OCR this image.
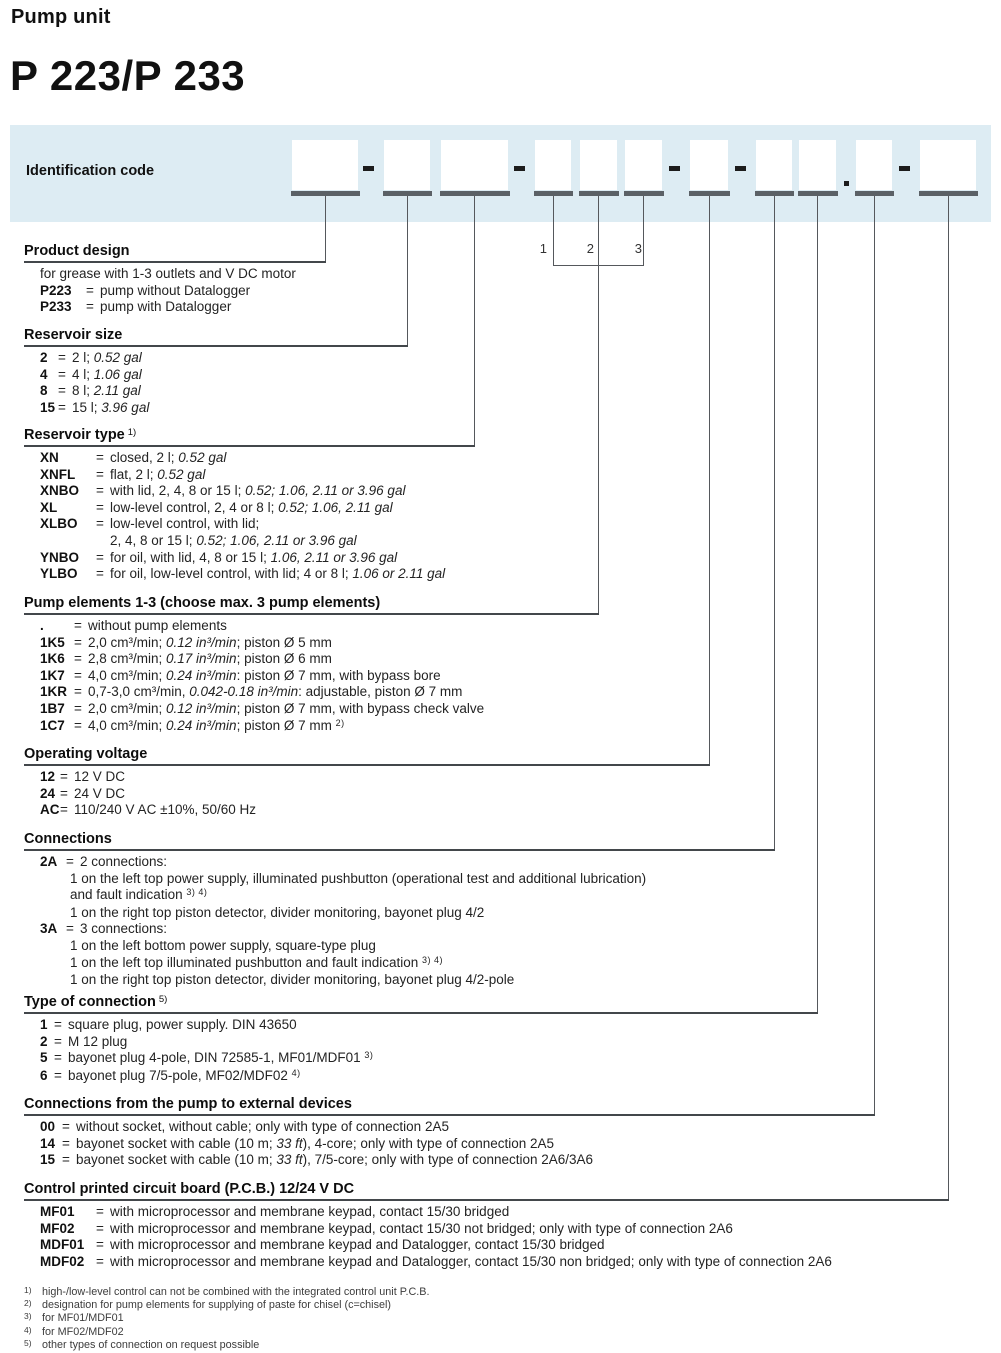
Pump unit
P 223/P 233
Identification code
1	2	3
Product design
for grease with 1-3 outlets and V DC motor
P223	= pump without Datalogger
P233	= pump with Datalogger
Reservoir size
2 = 2 l; 0.52 gal
4 = 4 l; 1.06 gal
8 = 8 l; 2.11 gal
15 = 15 l; 3.96 gal
Reservoir type $^{1)}$
XN	= closed, 2 l; 0.52 gal
XNFL	= flat, 2 l; 0.52 gal
XNBO	= with lid, 2, 4, 8 or 15 l; 0.52; 1.06, 2.11 or 3.96 gal
XL	= low-level control, 2, 4 or 8 l; 0.52; 1.06, 2.11 gal
XLBO	= low-level control, with lid;
2, 4, 8 or 15 l; 0.52; 1.06, 2.11 or 3.96 gal
YNBO	= for oil, with lid, 4, 8 or 15 l; 1.06, 2.11 or 3.96 gal
YLBO	= for oil, low-level control, with lid; 4 or 8 l; 1.06 or 2.11 gal
Pump elements 1-3 (choose max. 3 pump elements)
.	= without pump elements
1K5 = 2,0 cm³/min; 0.12 in³/min; piston Ø 5 mm
1K6 = 2,8 cm³/min; 0.17 in³/min; piston Ø 6 mm
1K7 = 4,0 cm³/min; 0.24 in³/min: piston Ø 7 mm, with bypass bore
1KR = 0,7-3,0 cm³/min, 0.042-0.18 in³/min: adjustable, piston Ø 7 mm
1B7 = 2,0 cm³/min; 0.12 in³/min; piston Ø 7 mm, with bypass check valve
1C7 = 4,0 cm³/min; 0.24 in³/min; piston Ø 7 mm $^{2)}$
Operating voltage
12 = 12 V DC
24 = 24 V DC
AC = 110/240 V AC ±10%, 50/60 Hz
Connections
2A = 2 connections:
1 on the left top power supply, illuminated pushbutton (operational test and additional lubrication)
and fault indication $^{3) 4)}$
1 on the right top piston detector, divider monitoring, bayonet plug 4/2
3A = 3 connections:
1 on the left bottom power supply, square-type plug
1 on the left top illuminated pushbutton and fault indication $^{3) 4)}$
1 on the right top piston detector, divider monitoring, bayonet plug 4/2-pole
Type of connection $^{5)}$
1 = square plug, power supply. DIN 43650
2 = M 12 plug
5 = bayonet plug 4-pole, DIN 72585-1, MF01/MDF01 $^{3)}$
6 = bayonet plug 7/5-pole, MF02/MDF02 $^{4)}$
Connections from the pump to external devices
00 = without socket, without cable; only with type of connection 2A5
14 = bayonet socket with cable (10 m; 33 ft), 4-core; only with type of connection 2A5
15 = bayonet socket with cable (10 m; 33 ft), 7/5-core; only with type of connection 2A6/3A6
Control printed circuit board (P.C.B.) 12/24 V DC
MF01	= with microprocessor and membrane keypad, contact 15/30 bridged
MF02	= with microprocessor and membrane keypad, contact 15/30 not bridged; only with type of connection 2A6
MDF01 = with microprocessor and membrane keypad and Datalogger, contact 15/30 bridged
MDF02 = with microprocessor and membrane keypad and Datalogger, contact 15/30 non bridged; only with type of connection 2A6
1) high-/low-level control can not be combined with the integrated control unit P.C.B.
2) designation for pump elements for supplying of paste for chisel (c=chisel)
3) for MF01/MDF01
4) for MF02/MDF02
5) other types of connection on request possible
